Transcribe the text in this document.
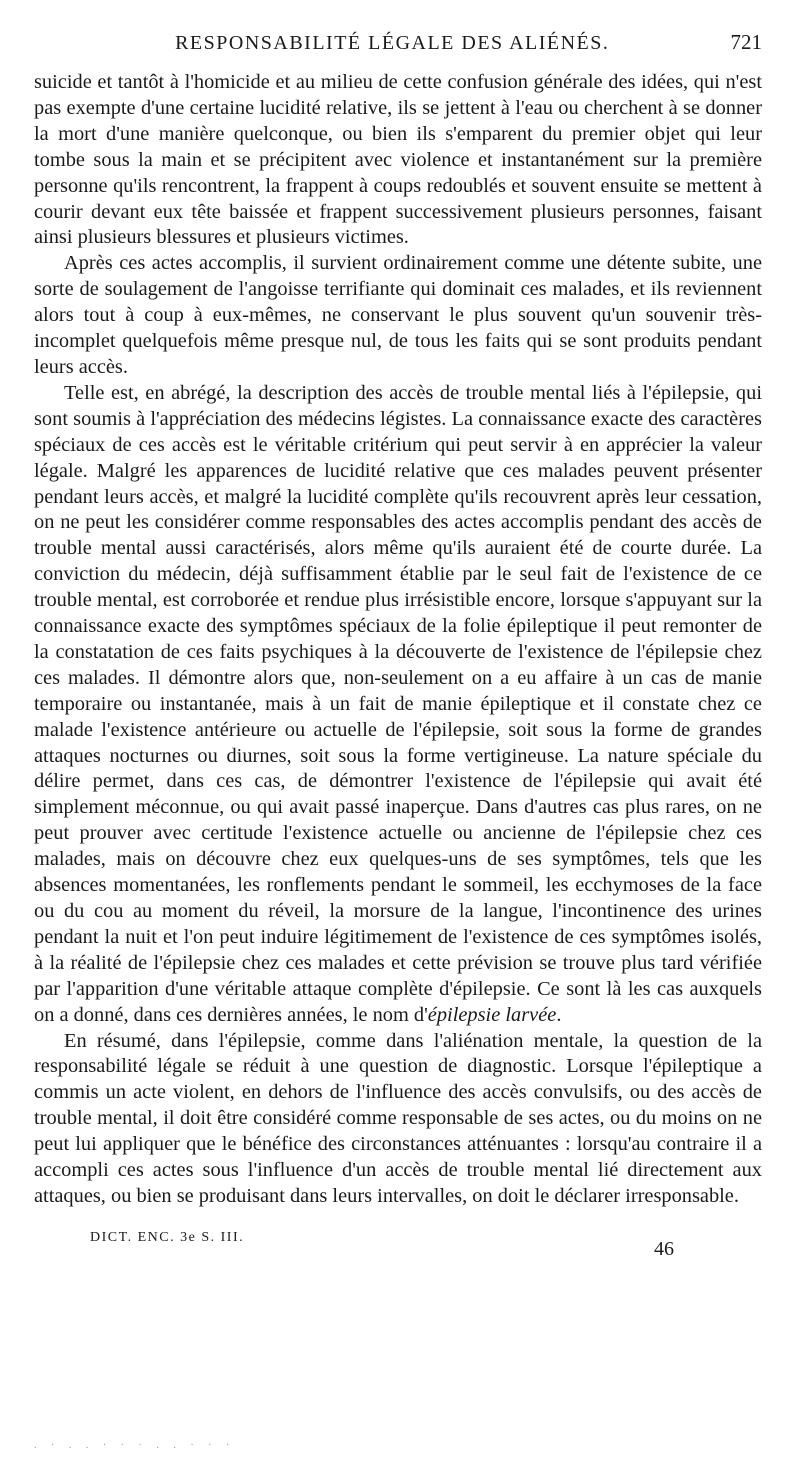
RESPONSABILITÉ LÉGALE DES ALIÉNÉS.	721

suicide et tantôt à l'homicide et au milieu de cette confusion générale des idées, qui n'est pas exempte d'une certaine lucidité relative, ils se jettent à l'eau ou cherchent à se donner la mort d'une manière quelconque, ou bien ils s'emparent du premier objet qui leur tombe sous la main et se précipitent avec violence et instantanément sur la première personne qu'ils rencontrent, la frappent à coups redoublés et souvent ensuite se mettent à courir devant eux tête baissée et frappent successivement plusieurs personnes, faisant ainsi plusieurs blessures et plusieurs victimes.

Après ces actes accomplis, il survient ordinairement comme une détente subite, une sorte de soulagement de l'angoisse terrifiante qui dominait ces malades, et ils reviennent alors tout à coup à eux-mêmes, ne conservant le plus souvent qu'un souvenir très-incomplet quelquefois même presque nul, de tous les faits qui se sont produits pendant leurs accès.

Telle est, en abrégé, la description des accès de trouble mental liés à l'épilepsie, qui sont soumis à l'appréciation des médecins légistes. La connaissance exacte des caractères spéciaux de ces accès est le véritable critérium qui peut servir à en apprécier la valeur légale. Malgré les apparences de lucidité relative que ces malades peuvent présenter pendant leurs accès, et malgré la lucidité complète qu'ils recouvrent après leur cessation, on ne peut les considérer comme responsables des actes accomplis pendant des accès de trouble mental aussi caractérisés, alors même qu'ils auraient été de courte durée. La conviction du médecin, déjà suffisamment établie par le seul fait de l'existence de ce trouble mental, est corroborée et rendue plus irrésistible encore, lorsque s'appuyant sur la connaissance exacte des symptômes spéciaux de la folie épileptique il peut remonter de la constatation de ces faits psychiques à la découverte de l'existence de l'épilepsie chez ces malades. Il démontre alors que, non-seulement on a eu affaire à un cas de manie temporaire ou instantanée, mais à un fait de manie épileptique et il constate chez ce malade l'existence antérieure ou actuelle de l'épilepsie, soit sous la forme de grandes attaques nocturnes ou diurnes, soit sous la forme vertigineuse. La nature spéciale du délire permet, dans ces cas, de démontrer l'existence de l'épilepsie qui avait été simplement méconnue, ou qui avait passé inaperçue. Dans d'autres cas plus rares, on ne peut prouver avec certitude l'existence actuelle ou ancienne de l'épilepsie chez ces malades, mais on découvre chez eux quelques-uns de ses symptômes, tels que les absences momentanées, les ronflements pendant le sommeil, les ecchymoses de la face ou du cou au moment du réveil, la morsure de la langue, l'incontinence des urines pendant la nuit et l'on peut induire légitimement de l'existence de ces symptômes isolés, à la réalité de l'épilepsie chez ces malades et cette prévision se trouve plus tard vérifiée par l'apparition d'une véritable attaque complète d'épilepsie. Ce sont là les cas auxquels on a donné, dans ces dernières années, le nom d'épilepsie larvée.

En résumé, dans l'épilepsie, comme dans l'aliénation mentale, la question de la responsabilité légale se réduit à une question de diagnostic. Lorsque l'épileptique a commis un acte violent, en dehors de l'influence des accès convulsifs, ou des accès de trouble mental, il doit être considéré comme responsable de ses actes, ou du moins on ne peut lui appliquer que le bénéfice des circonstances atténuantes : lorsqu'au contraire il a accompli ces actes sous l'influence d'un accès de trouble mental lié directement aux attaques, ou bien se produisant dans leurs intervalles, on doit le déclarer irresponsable.

DICT. ENC. 3e S. III.
46
. · . . · · · . . · · ·
